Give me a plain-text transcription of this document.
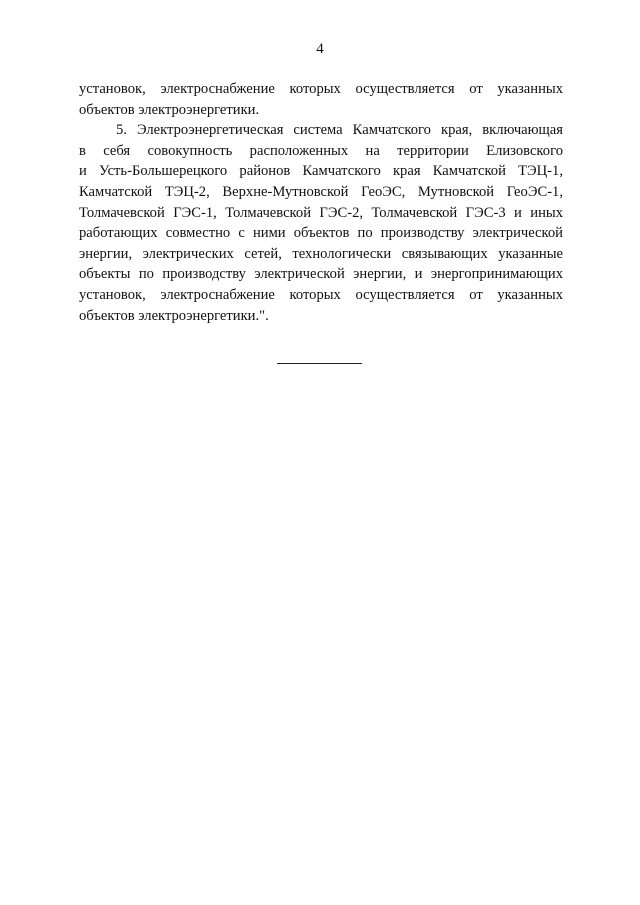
4
установок, электроснабжение которых осуществляется от указанных
объектов электроэнергетики.
5. Электроэнергетическая система Камчатского края, включающая
в себя совокупность расположенных на территории Елизовского
и Усть-Большерецкого районов Камчатского края Камчатской ТЭЦ-1,
Камчатской ТЭЦ-2, Верхне-Мутновской ГеоЭС, Мутновской ГеоЭС-1,
Толмачевской ГЭС-1, Толмачевской ГЭС-2, Толмачевской ГЭС-3 и иных
работающих совместно с ними объектов по производству электрической
энергии, электрических сетей, технологически связывающих указанные
объекты по производству электрической энергии, и энергопринимающих
установок, электроснабжение которых осуществляется от указанных
объектов электроэнергетики.".
